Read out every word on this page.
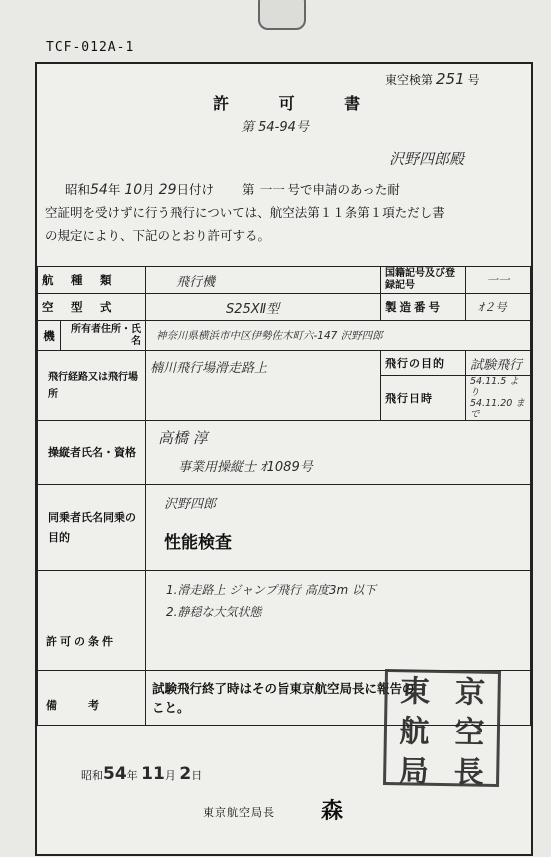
TCF-012A-1
東空検第 251 号
許 可 書
第 54-94号
沢野四郎殿
昭和54年 10月 29日付け 第 一一 号で申請のあった耐
空証明を受けずに行う飛行については、航空法第１１条第１項ただし書
の規定により、下記のとおり許可する。
航　種　類		飛行機	国籍記号及び登録記号	一一
空　型　式		S25XⅡ型	製造番号	ｵ２号
機	所有者住所・氏名	神奈川県横浜市中区伊勢佐木町六-147 沢野四郎		
飛行経路又は飛行場所		楠川飛行場滑走路上	飛行の目的	試験飛行
			飛行日時	54.11.5 より
54.11.20 まで

操縦者氏名・資格		高橋 淳
事業用操縦士 ｵ1089号		

同乗者氏名同乗の目的		沢野四郎
性能検査		

許可の条件		1.滑走路上 ジャンプ飛行 高度3m 以下
2.静穏な大気状態		

備　　考		試験飛行終了時はその旨東京航空局長に報告の
こと。		
昭和54年 11月 2日
東京航空局長 森
東 京
航 空
局 長
